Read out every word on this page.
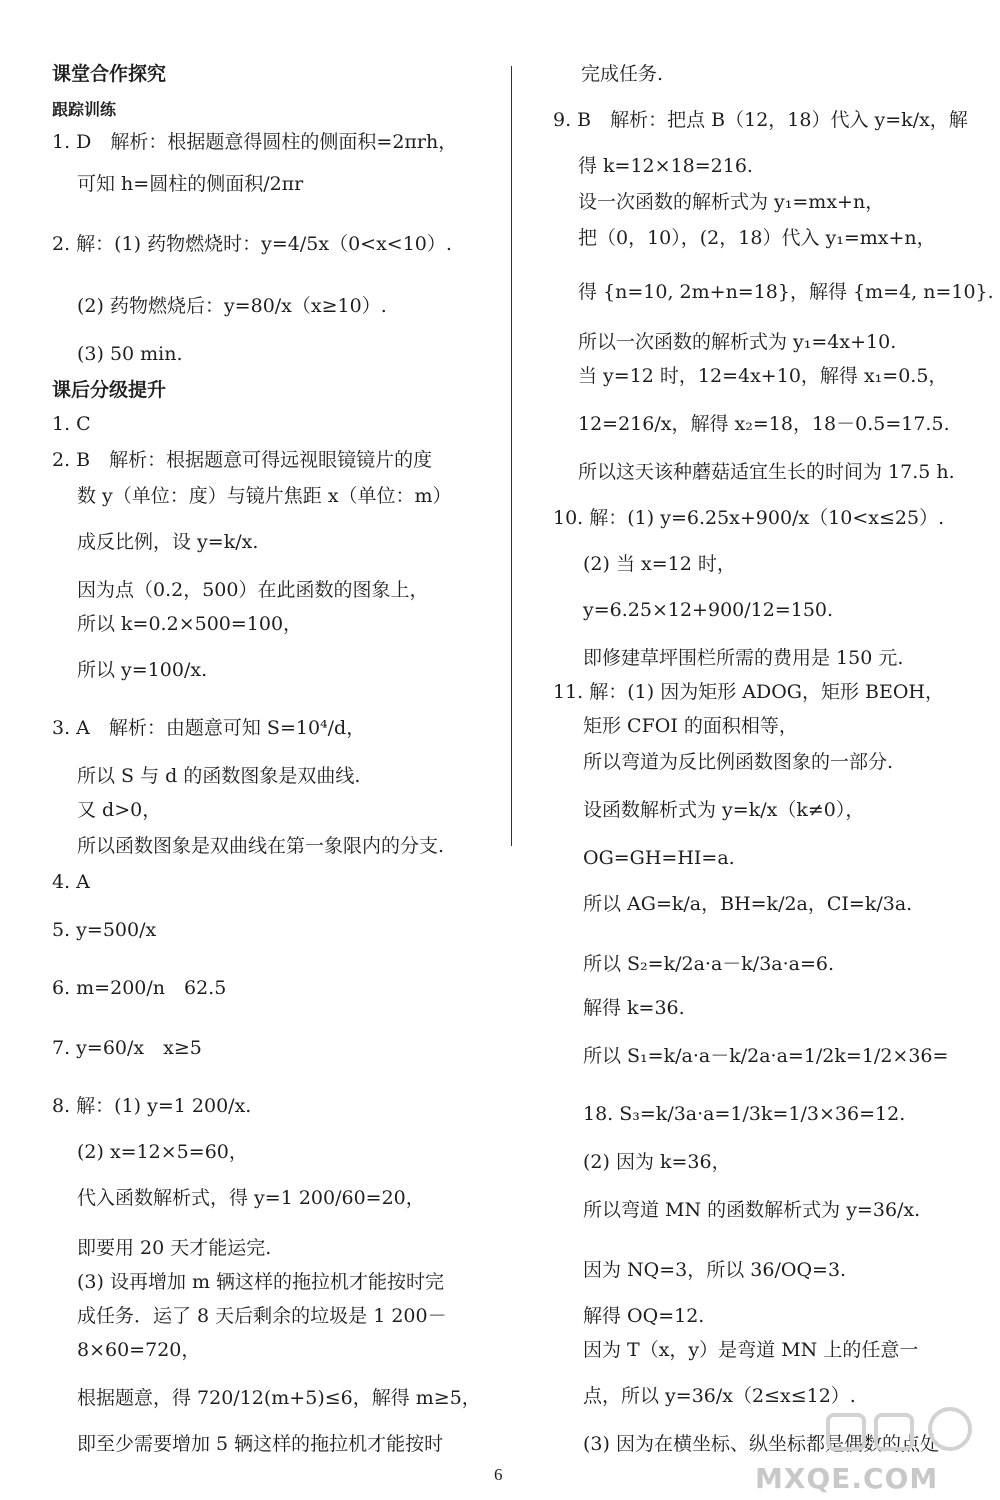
课堂合作探究
跟踪训练
1. D　解析：根据题意得圆柱的侧面积=2πrh，
可知 h=圆柱的侧面积/2πr
2. 解：(1) 药物燃烧时：y=4/5x（0<x<10）.
(2) 药物燃烧后：y=80/x（x≥10）.
(3) 50 min.
课后分级提升
1. C
2. B　解析：根据题意可得远视眼镜镜片的度
数 y（单位：度）与镜片焦距 x（单位：m）
成反比例，设 y=k/x.
因为点（0.2，500）在此函数的图象上，
所以 k=0.2×500=100，
所以 y=100/x.
3. A　解析：由题意可知 S=10⁴/d，
所以 S 与 d 的函数图象是双曲线.
又 d>0，
所以函数图象是双曲线在第一象限内的分支.
4. A
5. y=500/x
6. m=200/n　62.5
7. y=60/x　x≥5
8. 解：(1) y=1 200/x.
(2) x=12×5=60，
代入函数解析式，得 y=1 200/60=20，
即要用 20 天才能运完.
(3) 设再增加 m 辆这样的拖拉机才能按时完
成任务．运了 8 天后剩余的垃圾是 1 200－
8×60=720，
根据题意，得 720/12(m+5)≤6，解得 m≥5，
即至少需要增加 5 辆这样的拖拉机才能按时
完成任务.
9. B　解析：把点 B（12，18）代入 y=k/x，解
得 k=12×18=216.
设一次函数的解析式为 y₁=mx+n，
把（0，10），(2，18）代入 y₁=mx+n，
得 {n=10, 2m+n=18}，解得 {m=4, n=10}.
所以一次函数的解析式为 y₁=4x+10.
当 y=12 时，12=4x+10，解得 x₁=0.5，
12=216/x，解得 x₂=18，18－0.5=17.5.
所以这天该种蘑菇适宜生长的时间为 17.5 h.
10. 解：(1) y=6.25x+900/x（10<x≤25）.
(2) 当 x=12 时，
y=6.25×12+900/12=150.
即修建草坪围栏所需的费用是 150 元.
11. 解：(1) 因为矩形 ADOG，矩形 BEOH，
矩形 CFOI 的面积相等，
所以弯道为反比例函数图象的一部分.
设函数解析式为 y=k/x（k≠0），
OG=GH=HI=a.
所以 AG=k/a，BH=k/2a，CI=k/3a.
所以 S₂=k/2a·a－k/3a·a=6.
解得 k=36.
所以 S₁=k/a·a－k/2a·a=1/2k=1/2×36=
18. S₃=k/3a·a=1/3k=1/3×36=12.
(2) 因为 k=36，
所以弯道 MN 的函数解析式为 y=36/x.
因为 NQ=3，所以 36/OQ=3.
解得 OQ=12.
因为 T（x，y）是弯道 MN 上的任意一
点，所以 y=36/x（2≤x≤12）.
(3) 因为在横坐标、纵坐标都是偶数的点处
6	MXQE.COM
